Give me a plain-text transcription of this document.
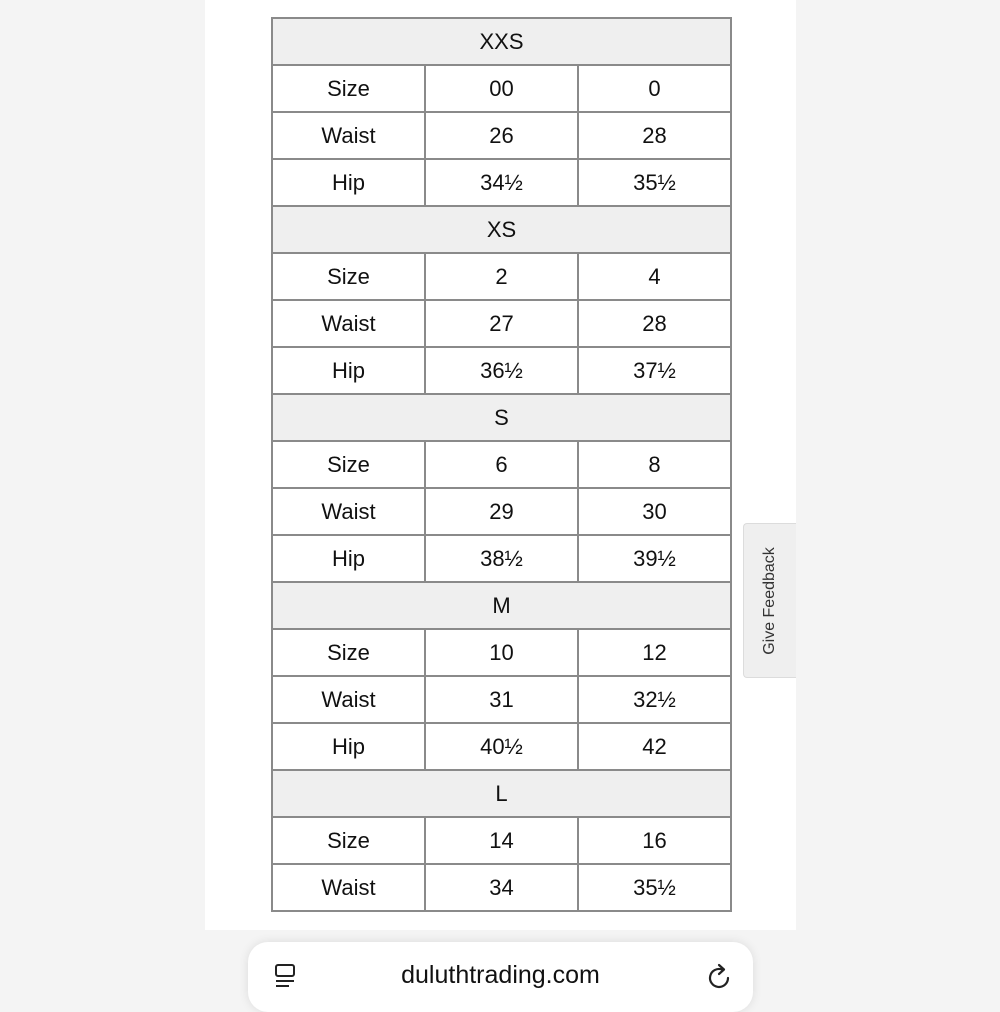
XXS		
Size	00	0
Waist	26	28
Hip	34½	35½
XS		
Size	2	4
Waist	27	28
Hip	36½	37½
S		
Size	6	8
Waist	29	30
Hip	38½	39½
M		
Size	10	12
Waist	31	32½
Hip	40½	42
L		
Size	14	16
Waist	34	35½
Give Feedback
duluthtrading.com
